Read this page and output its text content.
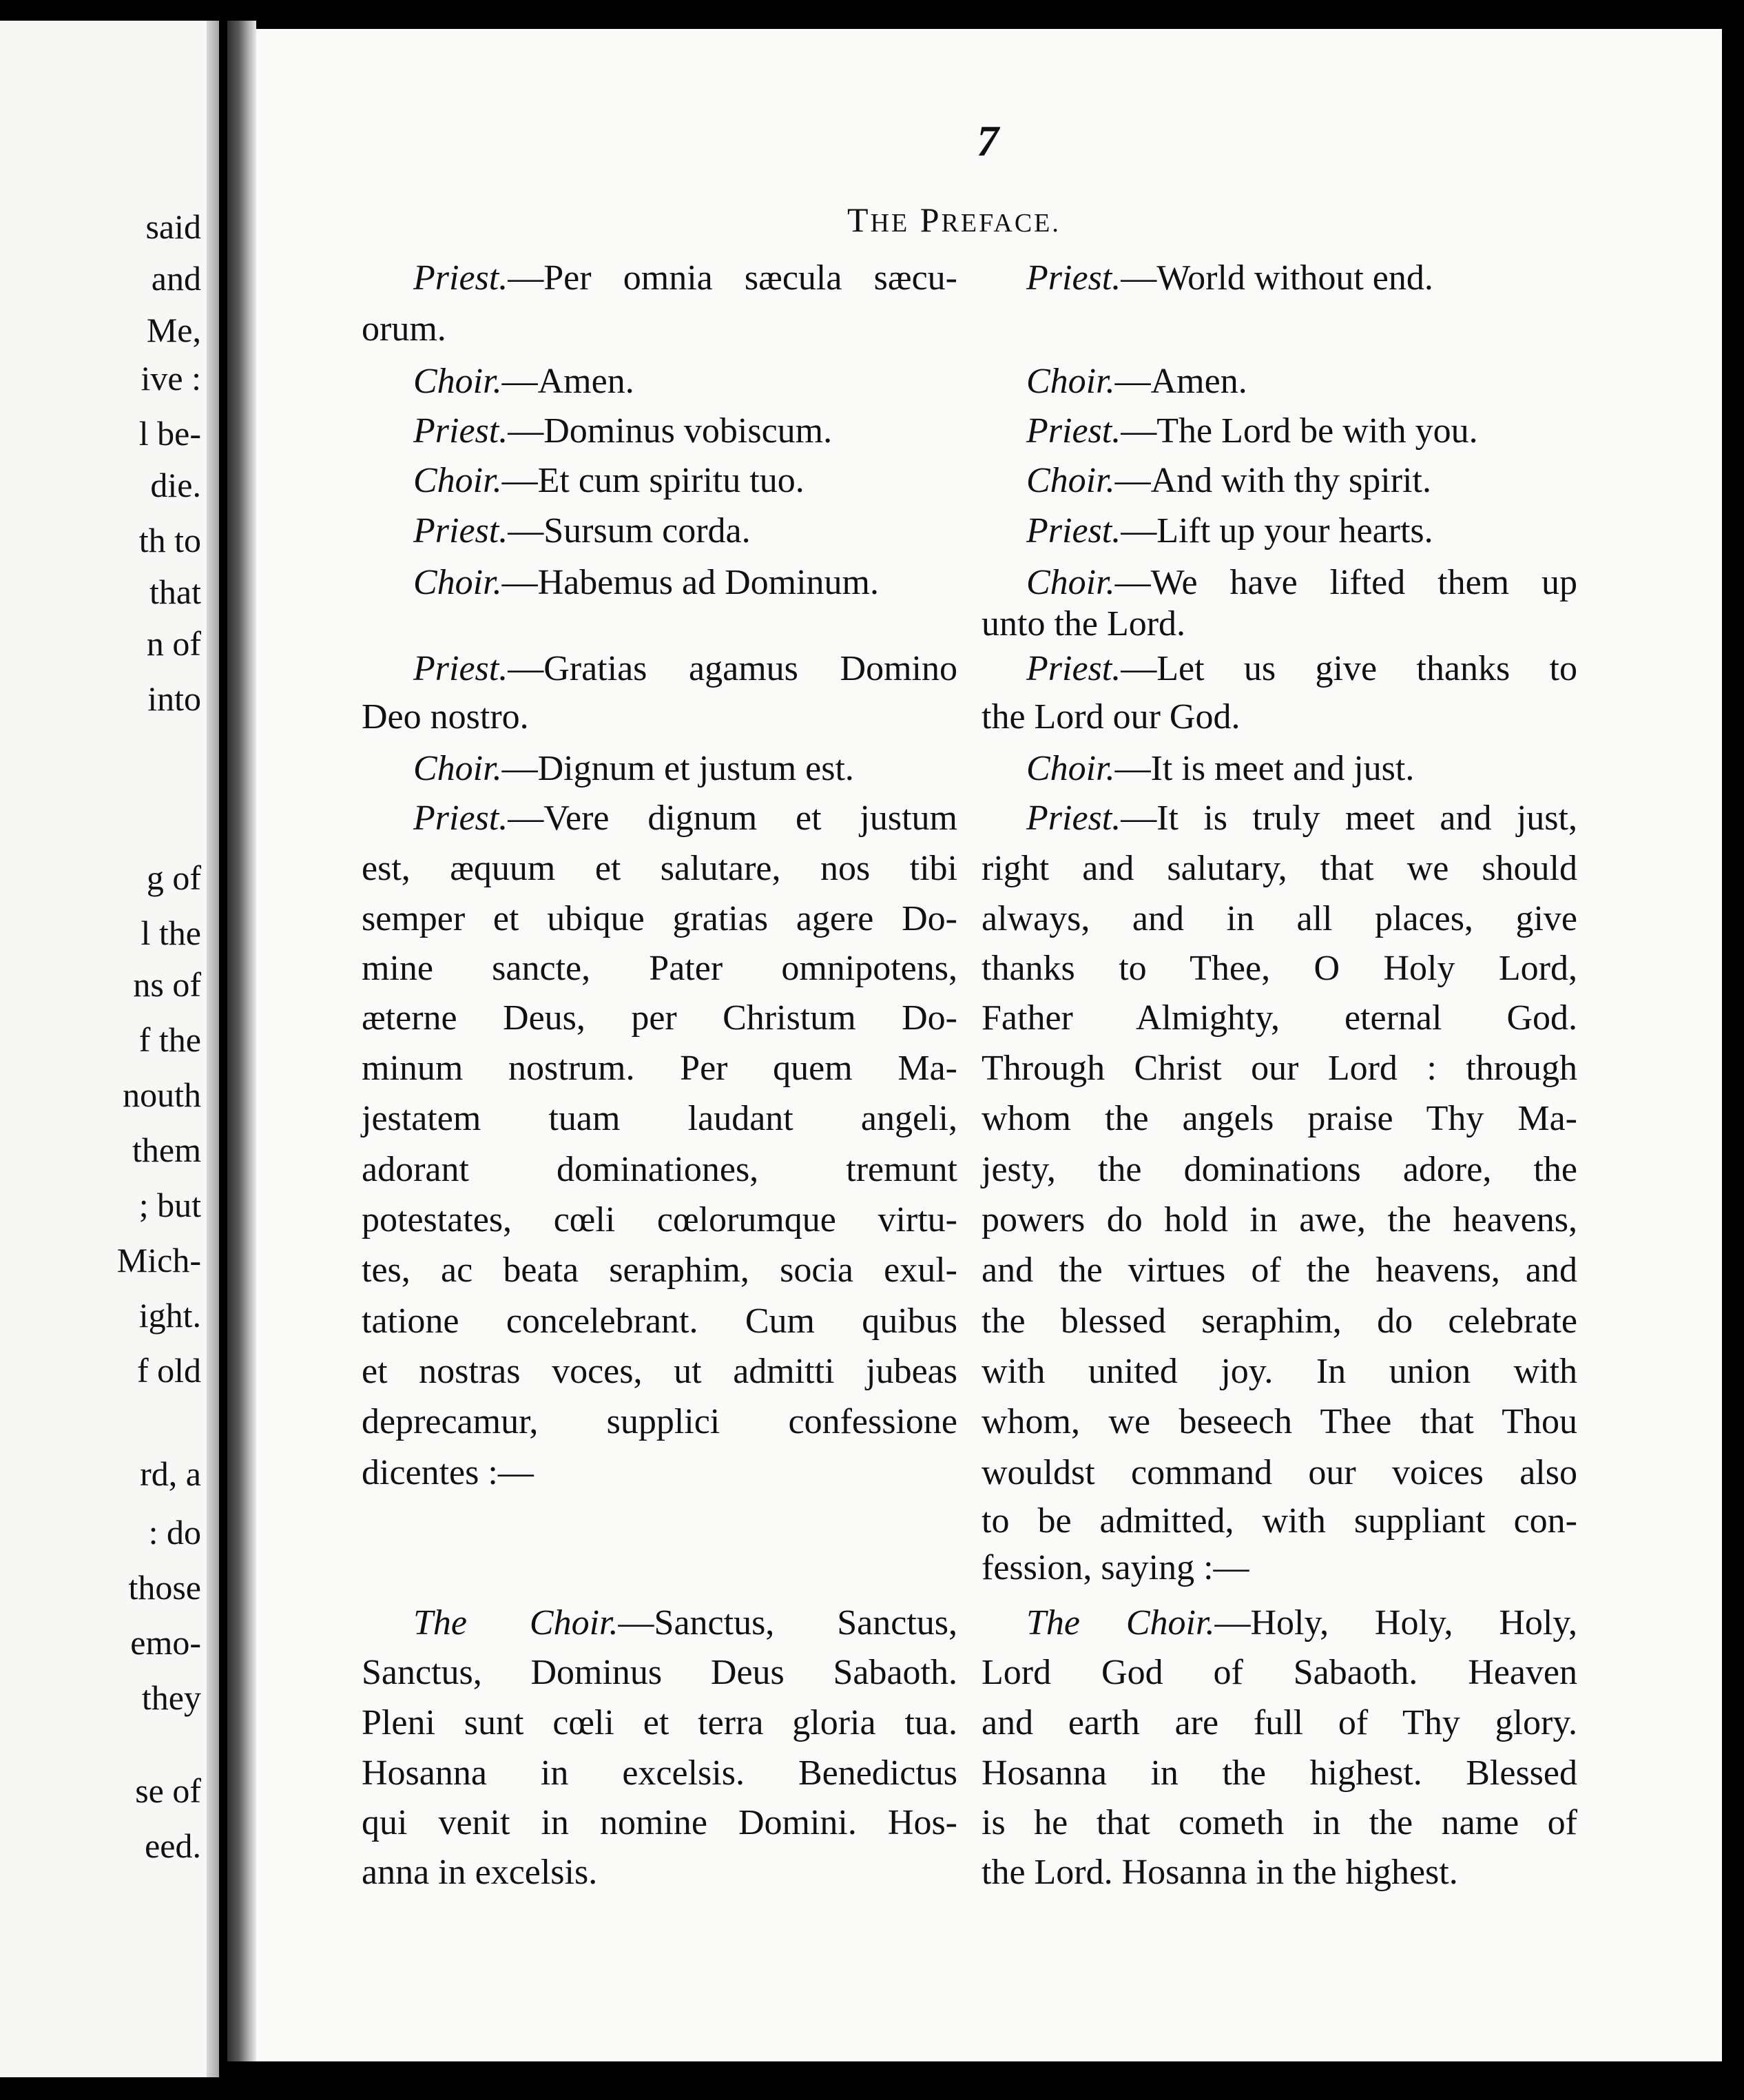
said
and
Me,
ive :
l be-
die.
th to
that
n of
into
g of
l the
ns of
f the
nouth
them
; but
Mich-
ight.
f old
rd, a
: do
those
emo-
they
se of
eed.
7
THE PREFACE.
Priest.—Per omnia sæcula sæcu-
orum.
Choir.—Amen.
Priest.—Dominus vobiscum.
Choir.—Et cum spiritu tuo.
Priest.—Sursum corda.
Choir.—Habemus ad Dominum.
Priest.—Gratias agamus Domino
Deo nostro.
Choir.—Dignum et justum est.
Priest.—Vere dignum et justum
est, æquum et salutare, nos tibi
semper et ubique gratias agere Do-
mine sancte, Pater omnipotens,
æterne Deus, per Christum Do-
minum nostrum. Per quem Ma-
jestatem tuam laudant angeli,
adorant dominationes, tremunt
potestates, cœli cœlorumque virtu-
tes, ac beata seraphim, socia exul-
tatione concelebrant. Cum quibus
et nostras voces, ut admitti jubeas
deprecamur, supplici confessione
dicentes :—
The Choir.—Sanctus, Sanctus,
Sanctus, Dominus Deus Sabaoth.
Pleni sunt cœli et terra gloria tua.
Hosanna in excelsis. Benedictus
qui venit in nomine Domini. Hos-
anna in excelsis.
Priest.—World without end.
Choir.—Amen.
Priest.—The Lord be with you.
Choir.—And with thy spirit.
Priest.—Lift up your hearts.
Choir.—We have lifted them up
unto the Lord.
Priest.—Let us give thanks to
the Lord our God.
Choir.—It is meet and just.
Priest.—It is truly meet and just,
right and salutary, that we should
always, and in all places, give
thanks to Thee, O Holy Lord,
Father Almighty, eternal God.
Through Christ our Lord : through
whom the angels praise Thy Ma-
jesty, the dominations adore, the
powers do hold in awe, the heavens,
and the virtues of the heavens, and
the blessed seraphim, do celebrate
with united joy. In union with
whom, we beseech Thee that Thou
wouldst command our voices also
to be admitted, with suppliant con-
fession, saying :—
The Choir.—Holy, Holy, Holy,
Lord God of Sabaoth. Heaven
and earth are full of Thy glory.
Hosanna in the highest. Blessed
is he that cometh in the name of
the Lord. Hosanna in the highest.
